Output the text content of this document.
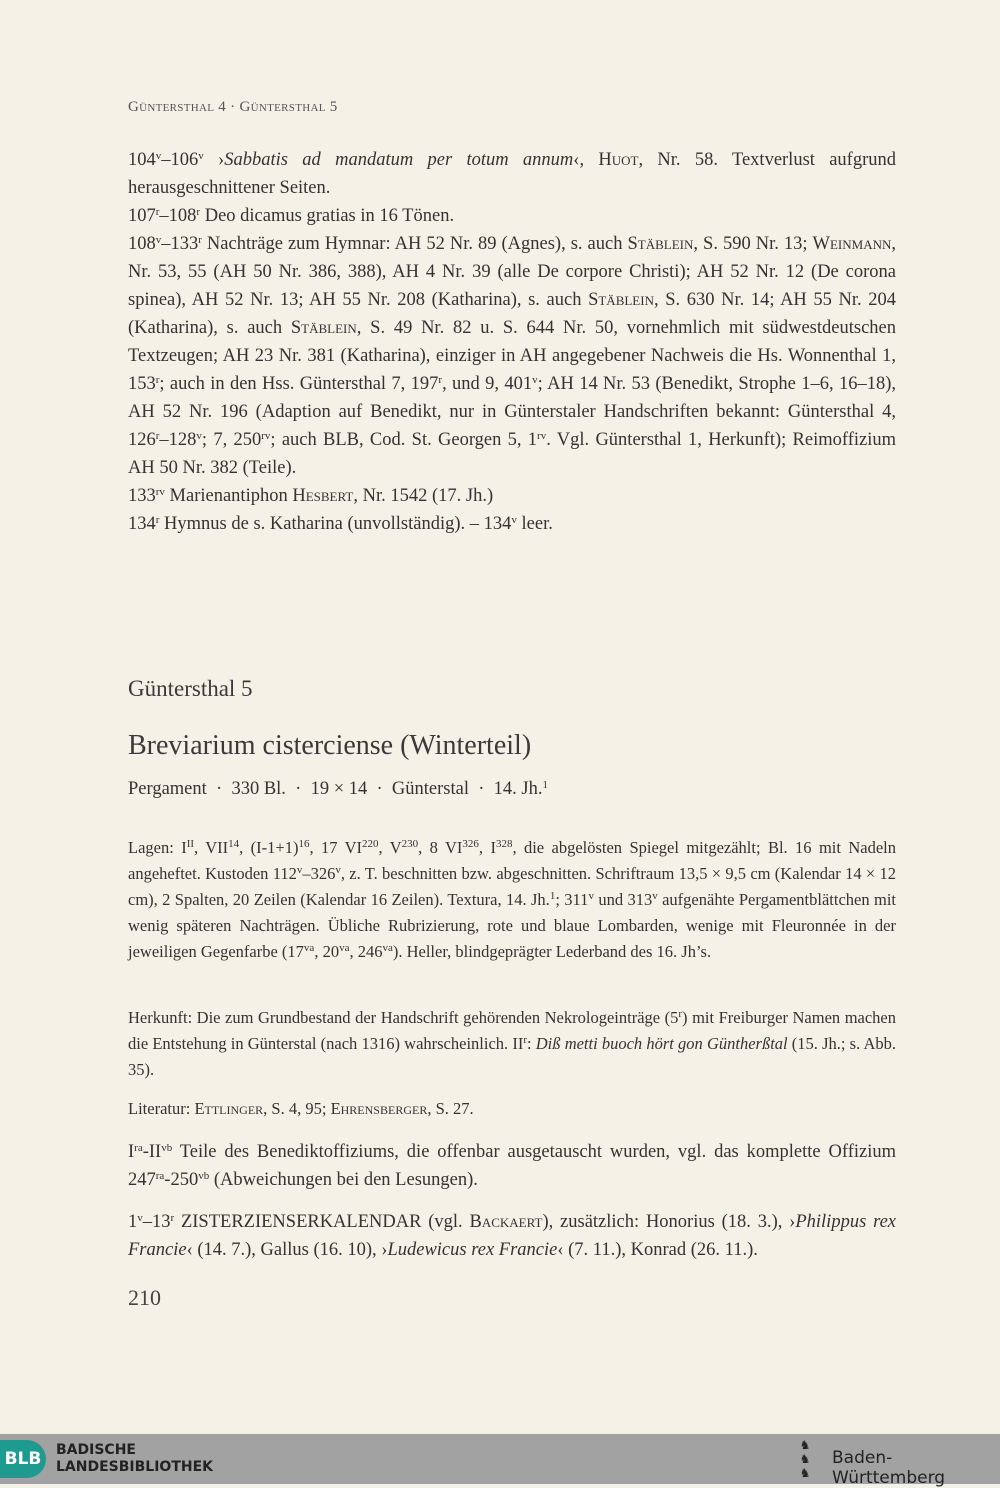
Güntersthal 4 · Güntersthal 5
104$^v$–106$^v$ ›Sabbatis ad mandatum per totum annum‹, Huot, Nr. 58. Textverlust aufgrund herausgeschnittener Seiten.
107$^r$–108$^r$ Deo dicamus gratias in 16 Tönen.
108$^v$–133$^r$ Nachträge zum Hymnar: AH 52 Nr. 89 (Agnes), s. auch Stäblein, S. 590 Nr. 13; Weinmann, Nr. 53, 55 (AH 50 Nr. 386, 388), AH 4 Nr. 39 (alle De corpore Christi); AH 52 Nr. 12 (De corona spinea), AH 52 Nr. 13; AH 55 Nr. 208 (Katharina), s. auch Stäblein, S. 630 Nr. 14; AH 55 Nr. 204 (Katharina), s. auch Stäblein, S. 49 Nr. 82 u. S. 644 Nr. 50, vornehmlich mit südwestdeutschen Textzeugen; AH 23 Nr. 381 (Katharina), einziger in AH angegebener Nachweis die Hs. Wonnenthal 1, 153$^r$; auch in den Hss. Güntersthal 7, 197$^r$, und 9, 401$^v$; AH 14 Nr. 53 (Benedikt, Strophe 1–6, 16–18), AH 52 Nr. 196 (Adaption auf Benedikt, nur in Günterstaler Handschriften bekannt: Güntersthal 4, 126$^r$–128$^v$; 7, $250^{rv}$; auch BLB, Cod. St. Georgen 5, $1^{rv}$. Vgl. Güntersthal 1, Herkunft); Reimoffizium AH 50 Nr. 382 (Teile).
$133^{rv}$ Marienantiphon Hesbert, Nr. 1542 (17. Jh.)
134$^r$ Hymnus de s. Katharina (unvollständig). – 134$^v$ leer.
Güntersthal 5
Breviarium cisterciense (Winterteil)
Pergament  ·  330 Bl.  ·  19 × 14  ·  Günterstal  ·  14. Jh.$^1$
Lagen: $I^{II}$, VII$^{14}$, $(I-1+1)^{16}$, 17 VI$^{220}$, $V^{230}$, 8 VI$^{326}$, $I^{328}$, die abgelösten Spiegel mitgezählt; Bl. 16 mit Nadeln angeheftet. Kustoden 112$^v$–326$^v$, z. T. beschnitten bzw. abgeschnitten. Schriftraum 13,5 × 9,5 cm (Kalendar 14 × 12 cm), 2 Spalten, 20 Zeilen (Kalendar 16 Zeilen). Textura, 14. Jh.$^1$; 311$^v$ und 313$^v$ aufgenähte Pergamentblättchen mit wenig späteren Nachträgen. Übliche Rubrizierung, rote und blaue Lombarden, wenige mit Fleuronnée in der jeweiligen Gegenfarbe ($17^{va}$, $20^{va}$, $246^{va}$). Heller, blindgeprägter Lederband des 16. Jh’s.
Herkunft: Die zum Grundbestand der Handschrift gehörenden Nekrologeinträge (5$^r$) mit Freiburger Namen machen die Entstehung in Günterstal (nach 1316) wahrscheinlich. $II^r$: Diß metti buoch hört gon Güntherßtal (15. Jh.; s. Abb. 35).
Literatur: Ettlinger, S. 4, 95; Ehrensberger, S. 27.
$I^{ra}-II^{vb}$ Teile des Benediktoffiziums, die offenbar ausgetauscht wurden, vgl. das komplette Offizium $247^{ra}-250^{vb}$ (Abweichungen bei den Lesungen).
1$^v$–13$^r$ ZISTERZIENSERKALENDAR (vgl. Backaert), zusätzlich: Honorius (18. 3.), ›Philippus rex Francie‹ (14. 7.), Gallus (16. 10), ›Ludewicus rex Francie‹ (7. 11.), Konrad (26. 11.).
210
BLB	BADISCHE
LANDESBIBLIOTHEK
♞
♞
♞
Baden-Württemberg
